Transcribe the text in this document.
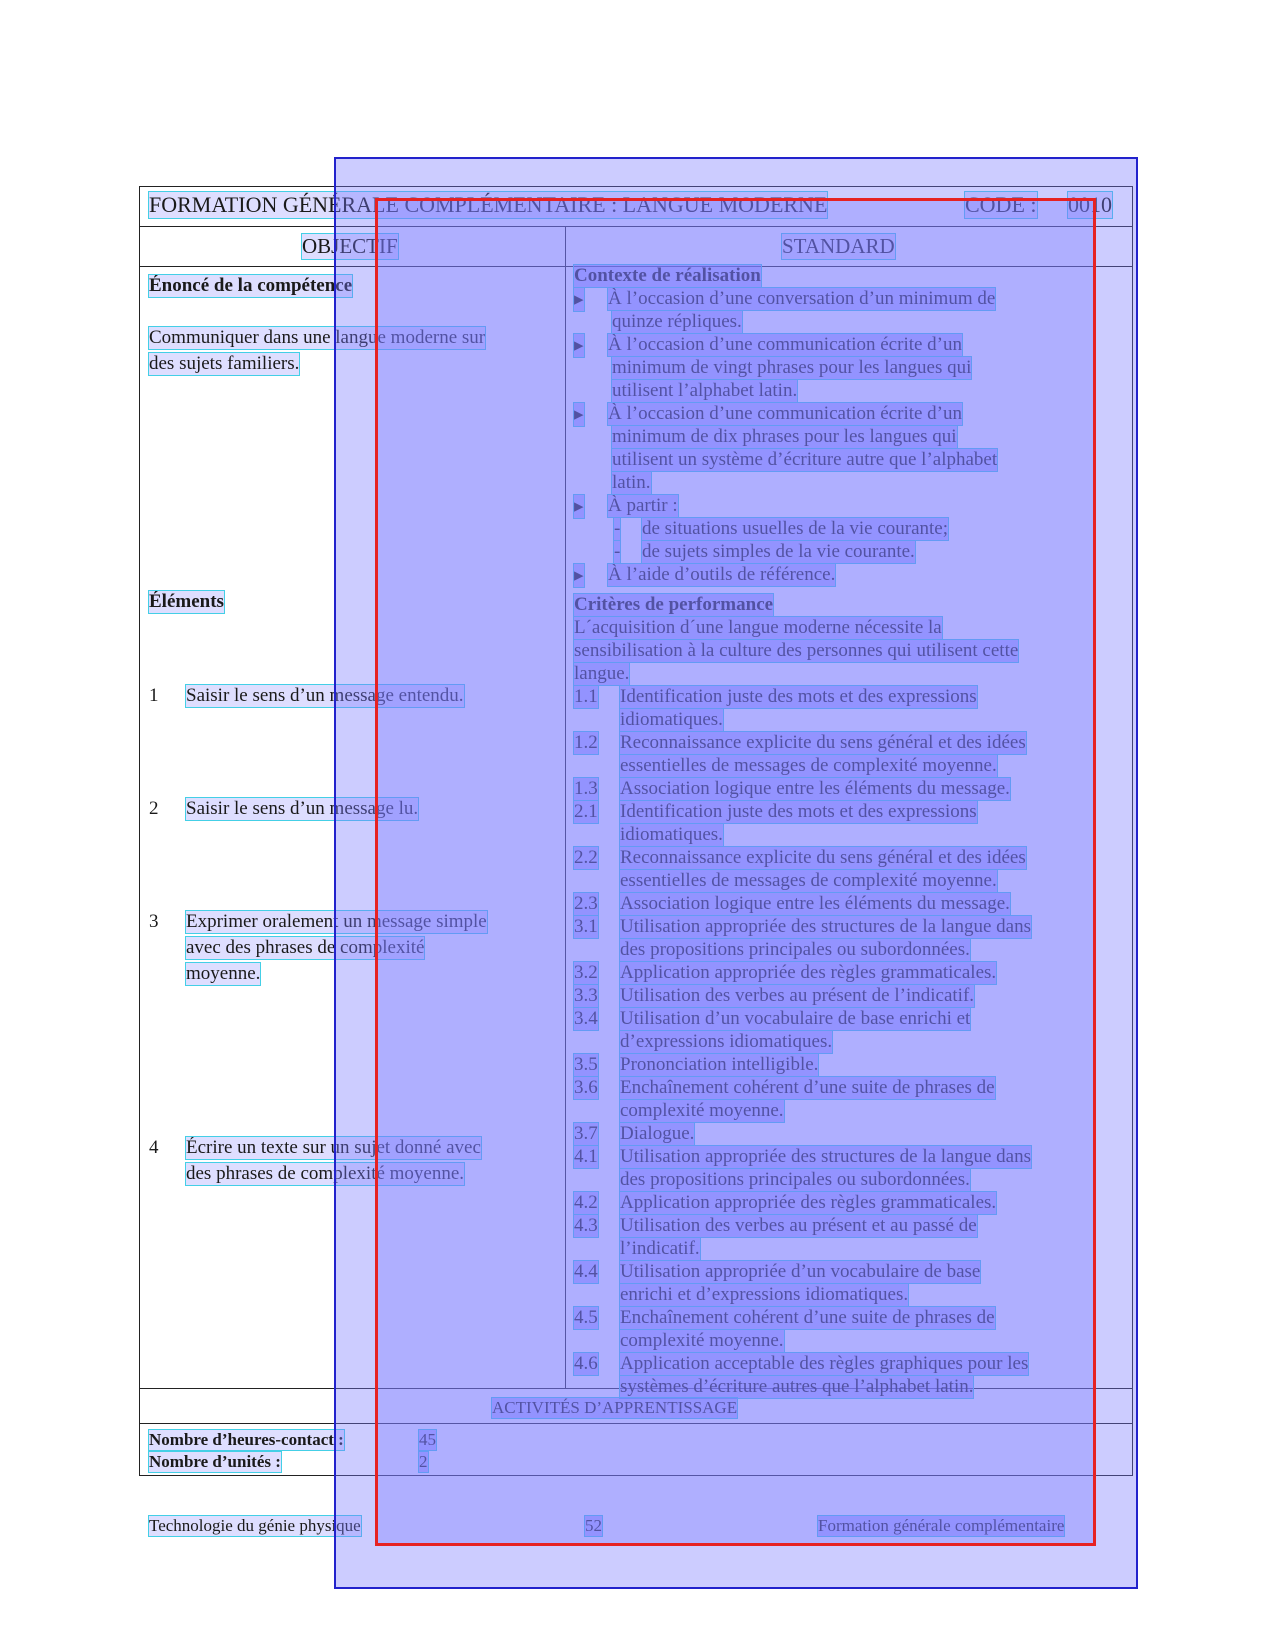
FORMATION GÉNÉRALE COMPLÉMENTAIRE : LANGUE MODERNE	CODE : 0010
OBJECTIF	STANDARD
Énoncé de la compétence
Communiquer dans une langue moderne sur
des sujets familiers.
Éléments
1 Saisir le sens d’un message entendu.
2 Saisir le sens d’un message lu.
3 Exprimer oralement un message simple
avec des phrases de complexité
moyenne.
4 Écrire un texte sur un sujet donné avec
des phrases de complexité moyenne.
Contexte de réalisation
▸ À l’occasion d’une conversation d’un minimum de
quinze répliques.
▸ À l’occasion d’une communication écrite d’un
minimum de vingt phrases pour les langues qui
utilisent l’alphabet latin.
▸ À l’occasion d’une communication écrite d’un
minimum de dix phrases pour les langues qui
utilisent un système d’écriture autre que l’alphabet
latin.
▸ À partir :
- de situations usuelles de la vie courante;
- de sujets simples de la vie courante.
▸ À l’aide d’outils de référence.
Critères de performance
L´acquisition d´une langue moderne nécessite la
sensibilisation à la culture des personnes qui utilisent cette
langue.
1.1 Identification juste des mots et des expressions
idiomatiques.
1.2 Reconnaissance explicite du sens général et des idées
essentielles de messages de complexité moyenne.
1.3 Association logique entre les éléments du message.
2.1 Identification juste des mots et des expressions
idiomatiques.
2.2 Reconnaissance explicite du sens général et des idées
essentielles de messages de complexité moyenne.
2.3 Association logique entre les éléments du message.
3.1 Utilisation appropriée des structures de la langue dans
des propositions principales ou subordonnées.
3.2 Application appropriée des règles grammaticales.
3.3 Utilisation des verbes au présent de l’indicatif.
3.4 Utilisation d’un vocabulaire de base enrichi et
d’expressions idiomatiques.
3.5 Prononciation intelligible.
3.6 Enchaînement cohérent d’une suite de phrases de
complexité moyenne.
3.7 Dialogue.
4.1 Utilisation appropriée des structures de la langue dans
des propositions principales ou subordonnées.
4.2 Application appropriée des règles grammaticales.
4.3 Utilisation des verbes au présent et au passé de
l’indicatif.
4.4 Utilisation appropriée d’un vocabulaire de base
enrichi et d’expressions idiomatiques.
4.5 Enchaînement cohérent d’une suite de phrases de
complexité moyenne.
4.6 Application acceptable des règles graphiques pour les
systèmes d’écriture autres que l’alphabet latin.
ACTIVITÉS D’APPRENTISSAGE
Nombre d’heures-contact :	45
Nombre d’unités :	2
Technologie du génie physique	52	Formation générale complémentaire
